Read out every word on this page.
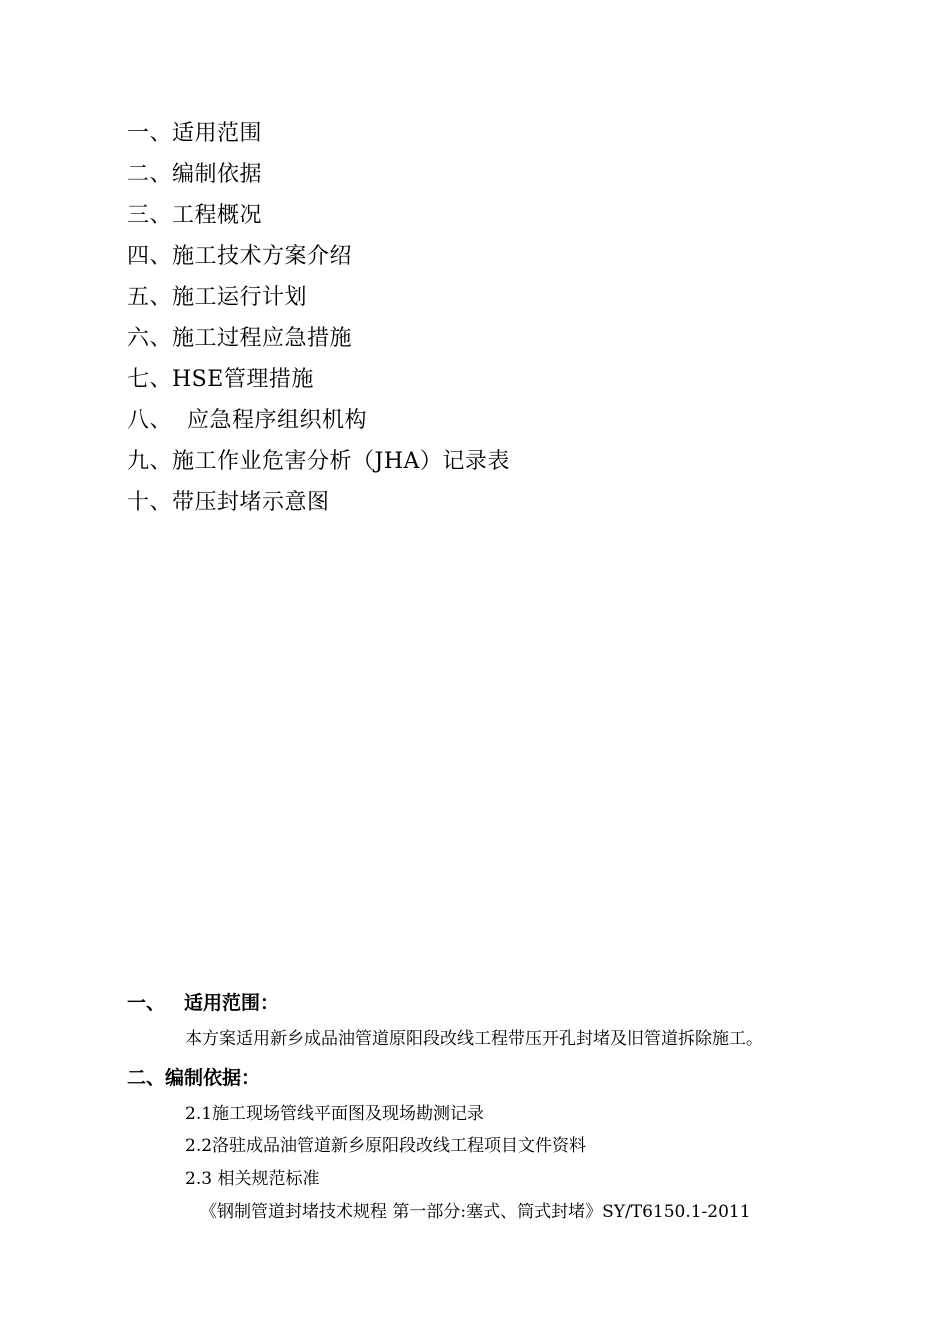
一、适用范围
二、编制依据
三、工程概况
四、施工技术方案介绍
五、施工运行计划
六、施工过程应急措施
七、HSE管理措施
八、  应急程序组织机构
九、施工作业危害分析（JHA）记录表
十、带压封堵示意图
一、 适用范围：
本方案适用新乡成品油管道原阳段改线工程带压开孔封堵及旧管道拆除施工。
二、编制依据：
2.1施工现场管线平面图及现场勘测记录
2.2洛驻成品油管道新乡原阳段改线工程项目文件资料
2.3 相关规范标准
《钢制管道封堵技术规程 第一部分:塞式、筒式封堵》SY/T6150.1-2011
